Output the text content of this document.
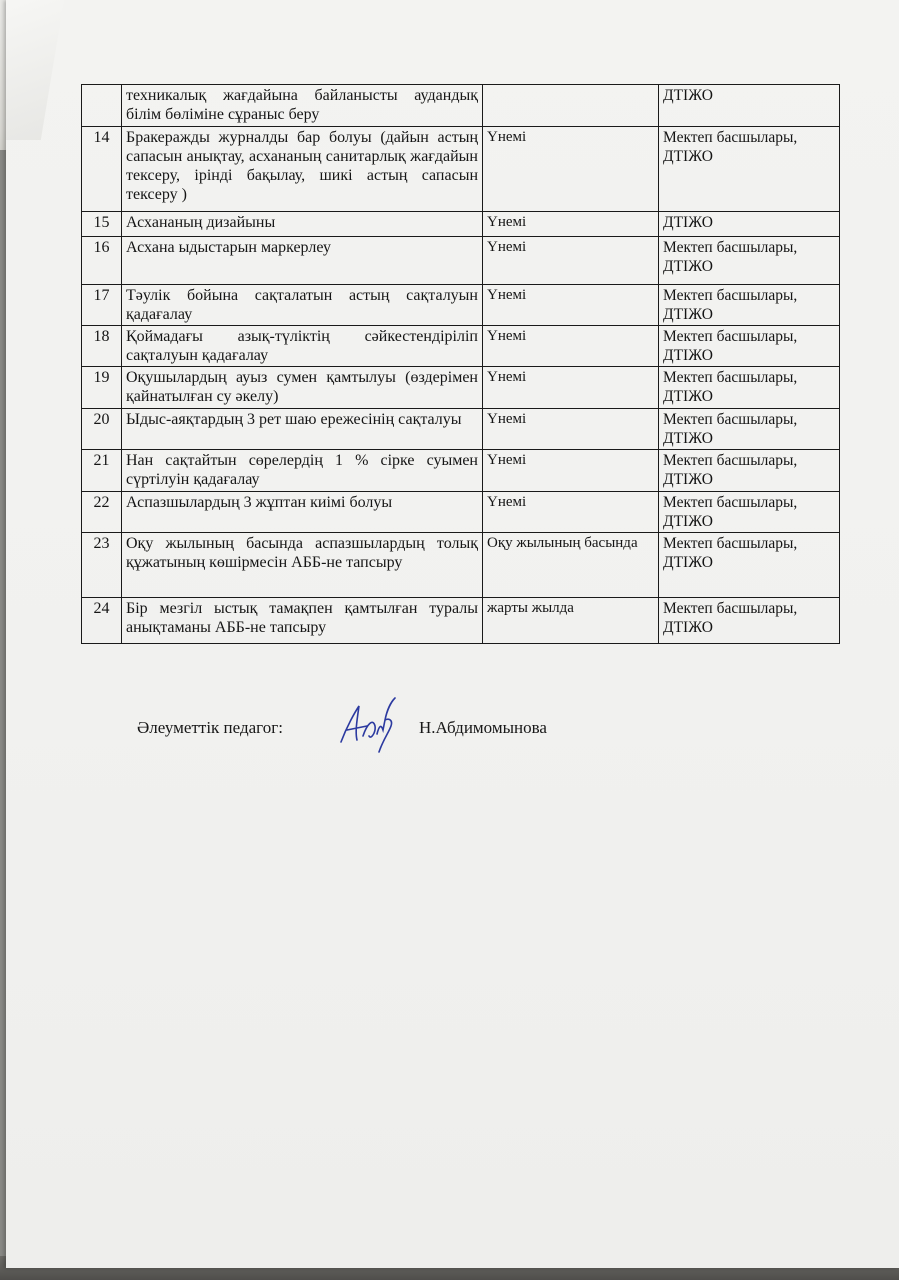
	техникалық жағдайына байланысты аудандық білім бөліміне сұраныс беру		ДТІЖО
14	Бракеражды журналды бар болуы (дайын астың сапасын анықтау, асхананың санитарлық жағдайын тексеру, ірінді бақылау, шикі астың сапасын тексеру )	Үнемі	Мектеп басшылары, ДТІЖО
15	Асхананың дизайыны	Үнемі	ДТІЖО
16	Асхана ыдыстарын маркерлеу	Үнемі	Мектеп басшылары, ДТІЖО
17	Тәулік бойына сақталатын астың сақталуын қадағалау	Үнемі	Мектеп басшылары, ДТІЖО
18	Қоймадағы азық-түліктің сәйкестендіріліп сақталуын қадағалау	Үнемі	Мектеп басшылары, ДТІЖО
19	Оқушылардың ауыз сумен қамтылуы (өздерімен қайнатылған су әкелу)	Үнемі	Мектеп басшылары, ДТІЖО
20	Ыдыс-аяқтардың 3 рет шаю ережесінің сақталуы	Үнемі	Мектеп басшылары, ДТІЖО
21	Нан сақтайтын сөрелердің 1 % сірке суымен сүртілуін қадағалау	Үнемі	Мектеп басшылары, ДТІЖО
22	Аспазшылардың 3 жұптан киімі болуы	Үнемі	Мектеп басшылары, ДТІЖО
23	Оқу жылының басында аспазшылардың толық құжатының көшірмесін АББ-не тапсыру	Оқу жылының басында	Мектеп басшылары, ДТІЖО
24	Бір мезгіл ыстық тамақпен қамтылған туралы анықтаманы АББ-не тапсыру	жарты жылда	Мектеп басшылары, ДТІЖО
Әлеуметтік педагог:	Н.Абдимомынова
